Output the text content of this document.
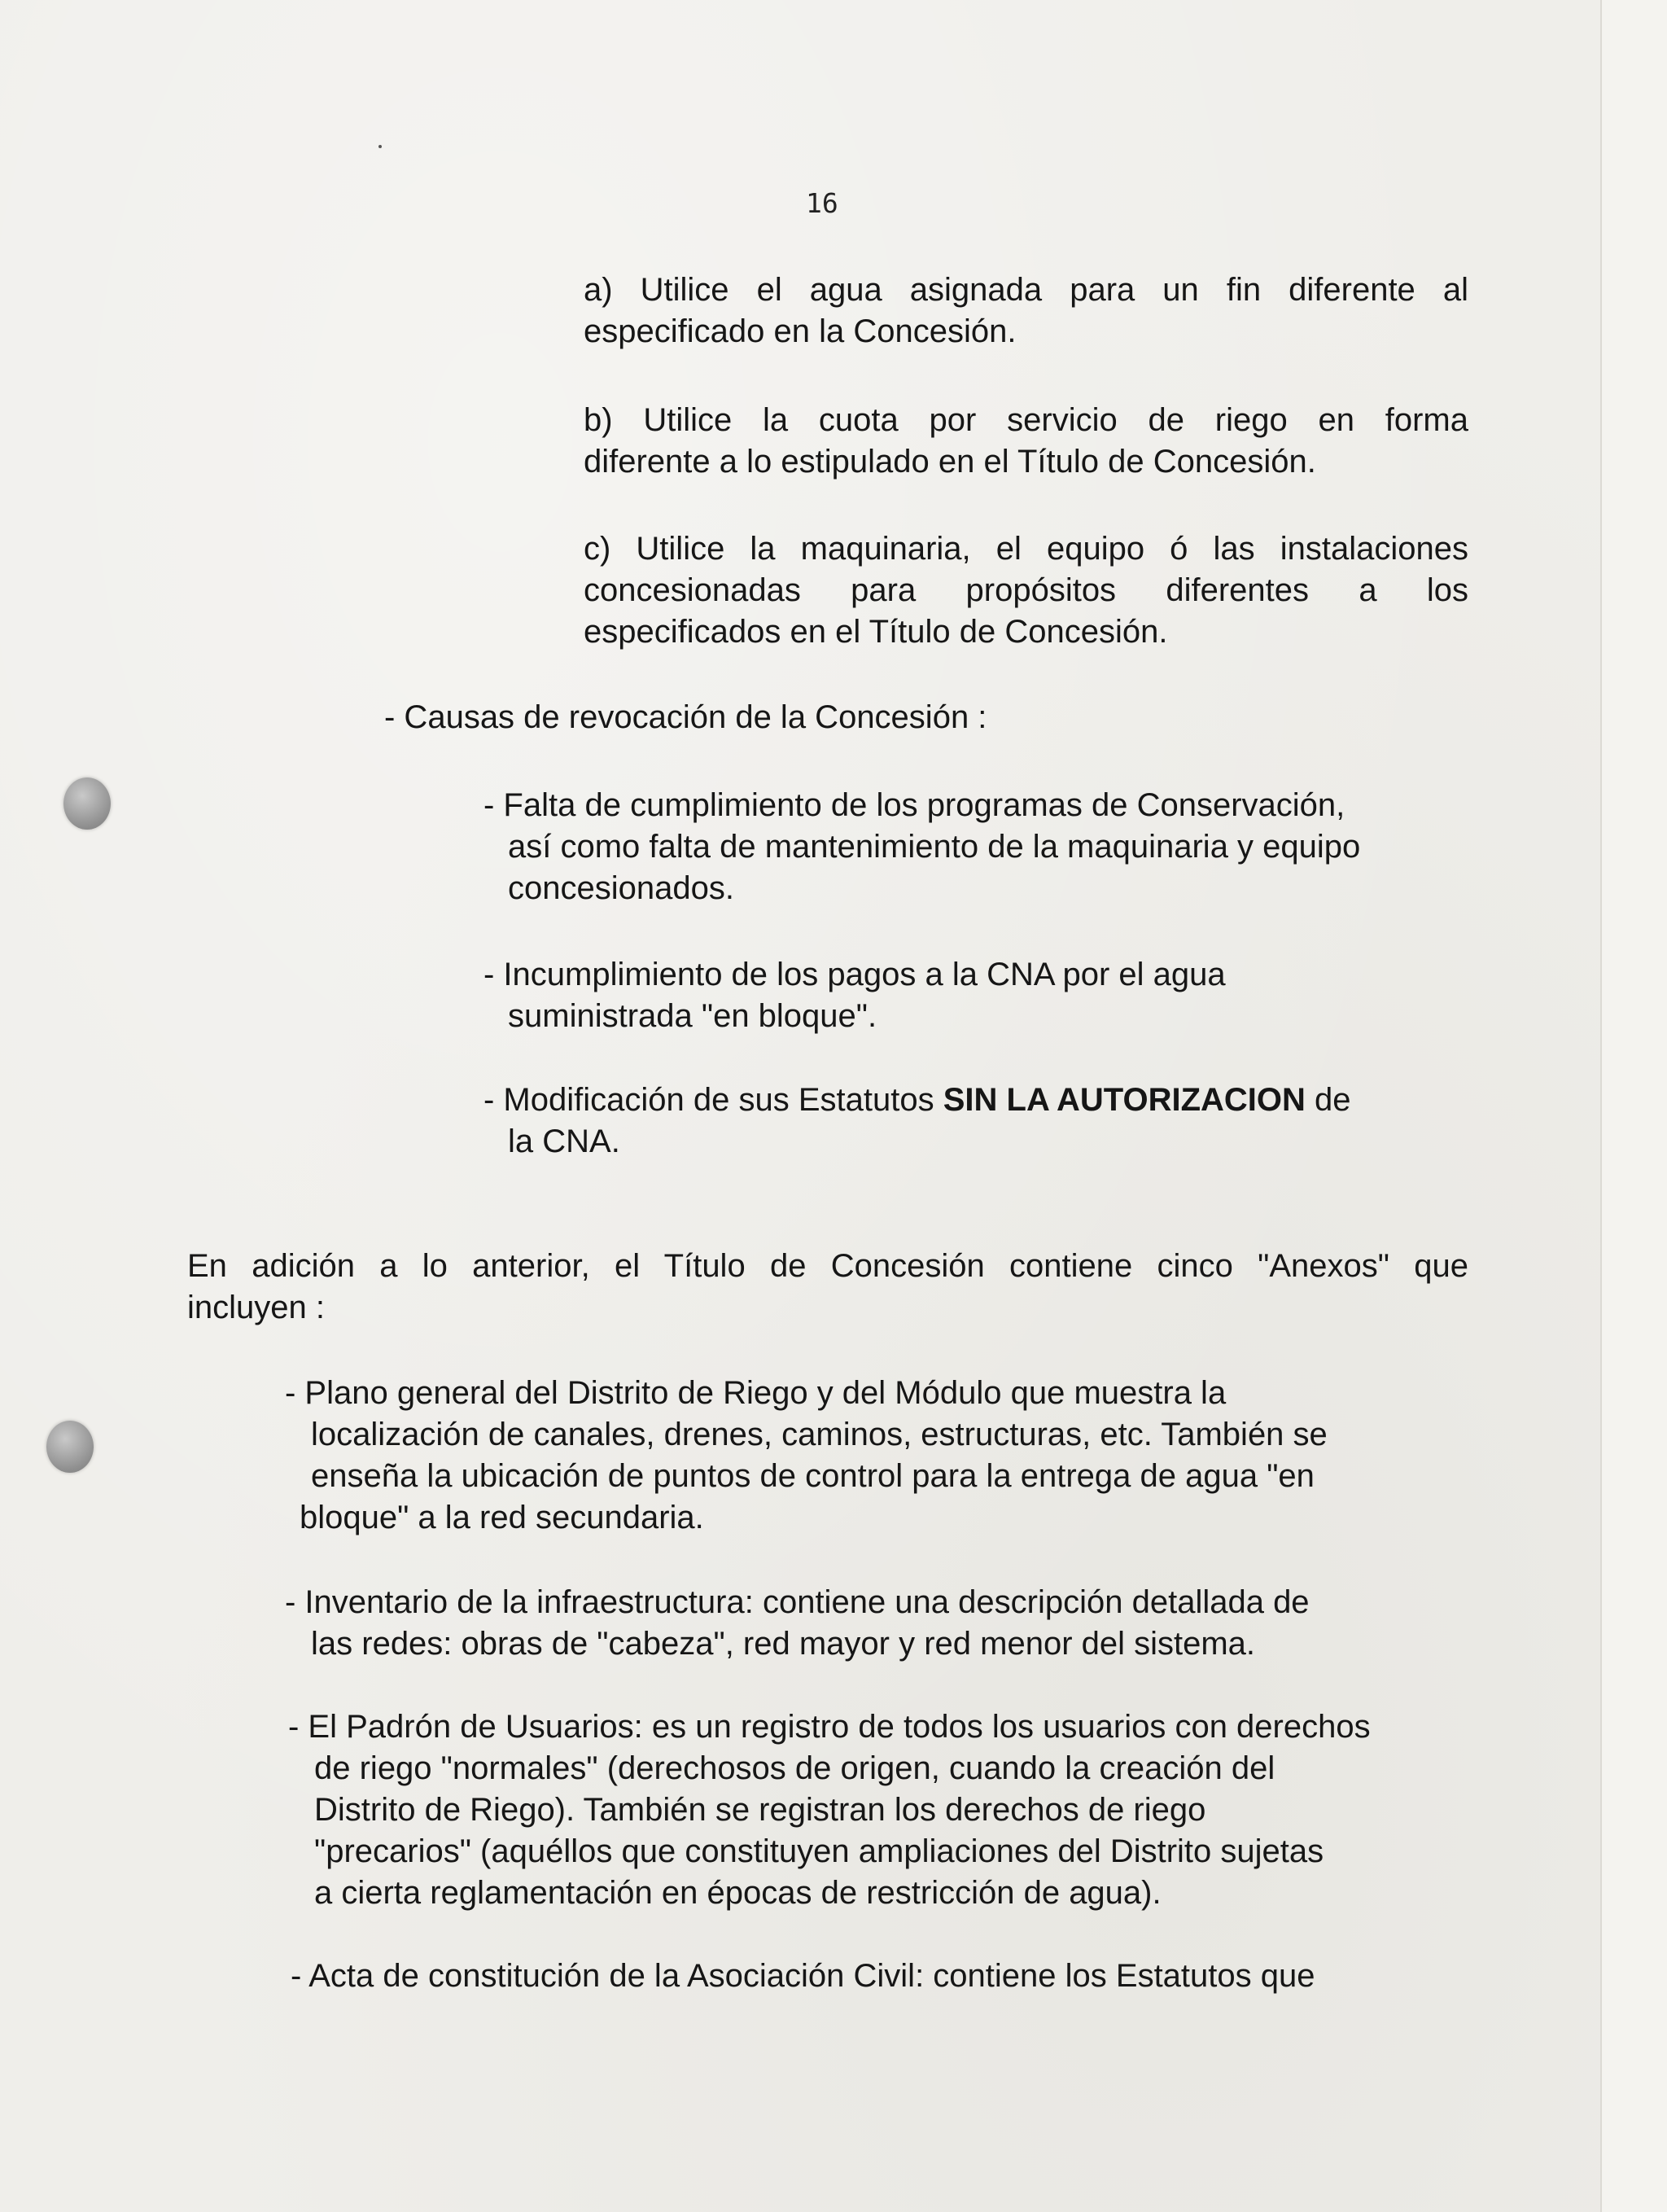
16
a) Utilice el agua asignada para un fin diferente al
especificado en la Concesión.
b) Utilice la cuota por servicio de riego en forma
diferente a lo estipulado en el Título de Concesión.
c) Utilice la maquinaria, el equipo ó las instalaciones
concesionadas para propósitos diferentes a los
especificados en el Título de Concesión.
- Causas de revocación de la Concesión :
- Falta de cumplimiento de los programas de Conservación,
así como falta de mantenimiento de la maquinaria y equipo
concesionados.
- Incumplimiento de los pagos a la CNA por el agua
suministrada "en bloque".
- Modificación de sus Estatutos SIN LA AUTORIZACION de
la CNA.
En adición a lo anterior, el Título de Concesión contiene cinco "Anexos" que
incluyen :
- Plano general del Distrito de Riego y del Módulo que muestra la
localización de canales, drenes, caminos, estructuras, etc. También se
enseña la ubicación de puntos de control para la entrega de agua "en
bloque" a la red secundaria.
- Inventario de la infraestructura: contiene una descripción detallada de
las redes: obras de "cabeza", red mayor y red menor del sistema.
- El Padrón de Usuarios: es un registro de todos los usuarios con derechos
de riego "normales" (derechosos de origen, cuando la creación del
Distrito de Riego). También se registran los derechos de riego
"precarios" (aquéllos que constituyen ampliaciones del Distrito sujetas
a cierta reglamentación en épocas de restricción de agua).
- Acta de constitución de la Asociación Civil: contiene los Estatutos que
